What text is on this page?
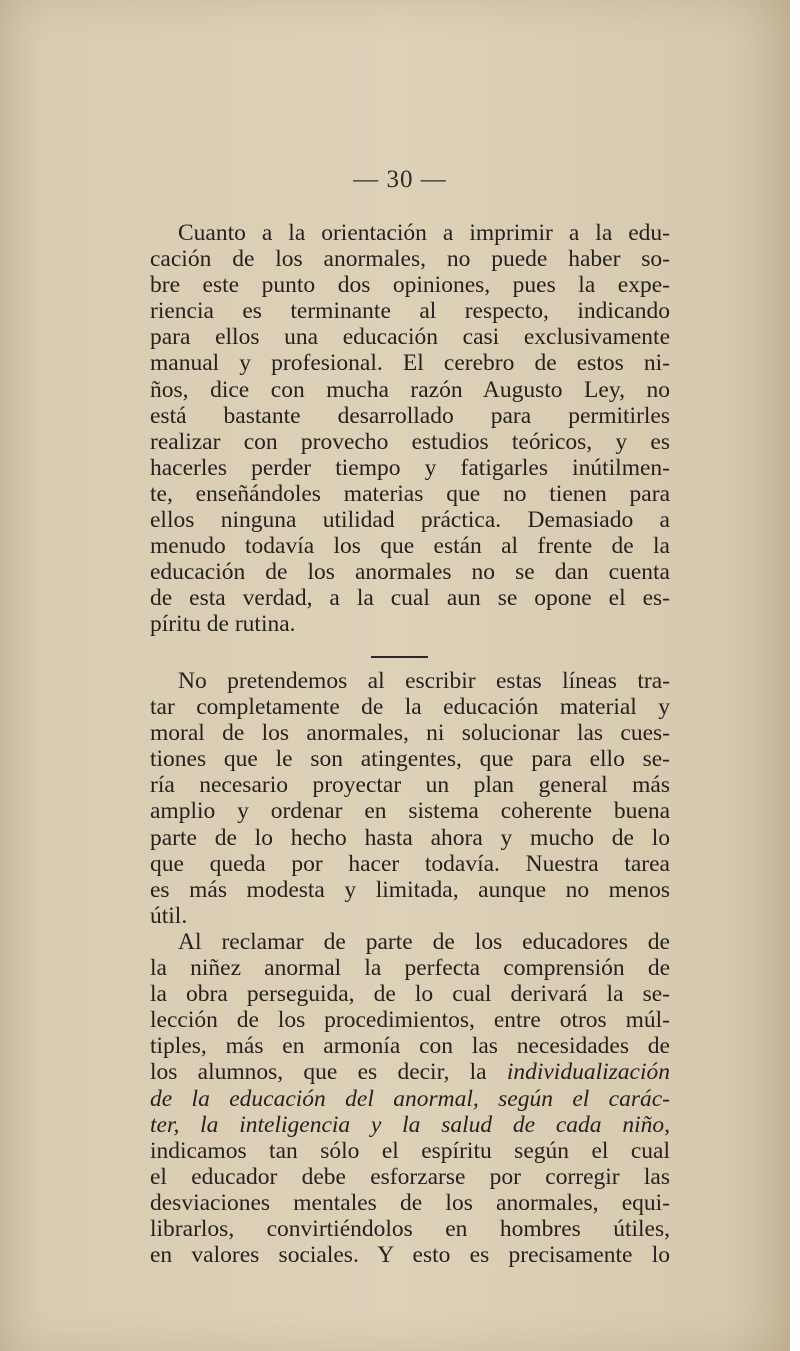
— 30 —
Cuanto a la orientación a imprimir a la edu-
cación de los anormales, no puede haber so-
bre este punto dos opiniones, pues la expe-
riencia es terminante al respecto, indicando
para ellos una educación casi exclusivamente
manual y profesional. El cerebro de estos ni-
ños, dice con mucha razón Augusto Ley, no
está bastante desarrollado para permitirles
realizar con provecho estudios teóricos, y es
hacerles perder tiempo y fatigarles inútilmen-
te, enseñándoles materias que no tienen para
ellos ninguna utilidad práctica. Demasiado a
menudo todavía los que están al frente de la
educación de los anormales no se dan cuenta
de esta verdad, a la cual aun se opone el es-
píritu de rutina.
No pretendemos al escribir estas líneas tra-
tar completamente de la educación material y
moral de los anormales, ni solucionar las cues-
tiones que le son atingentes, que para ello se-
ría necesario proyectar un plan general más
amplio y ordenar en sistema coherente buena
parte de lo hecho hasta ahora y mucho de lo
que queda por hacer todavía. Nuestra tarea
es más modesta y limitada, aunque no menos
útil.
Al reclamar de parte de los educadores de
la niñez anormal la perfecta comprensión de
la obra perseguida, de lo cual derivará la se-
lección de los procedimientos, entre otros múl-
tiples, más en armonía con las necesidades de
los alumnos, que es decir, la individualización
de la educación del anormal, según el carác-
ter, la inteligencia y la salud de cada niño,
indicamos tan sólo el espíritu según el cual
el educador debe esforzarse por corregir las
desviaciones mentales de los anormales, equi-
librarlos, convirtiéndolos en hombres útiles,
en valores sociales. Y esto es precisamente lo
